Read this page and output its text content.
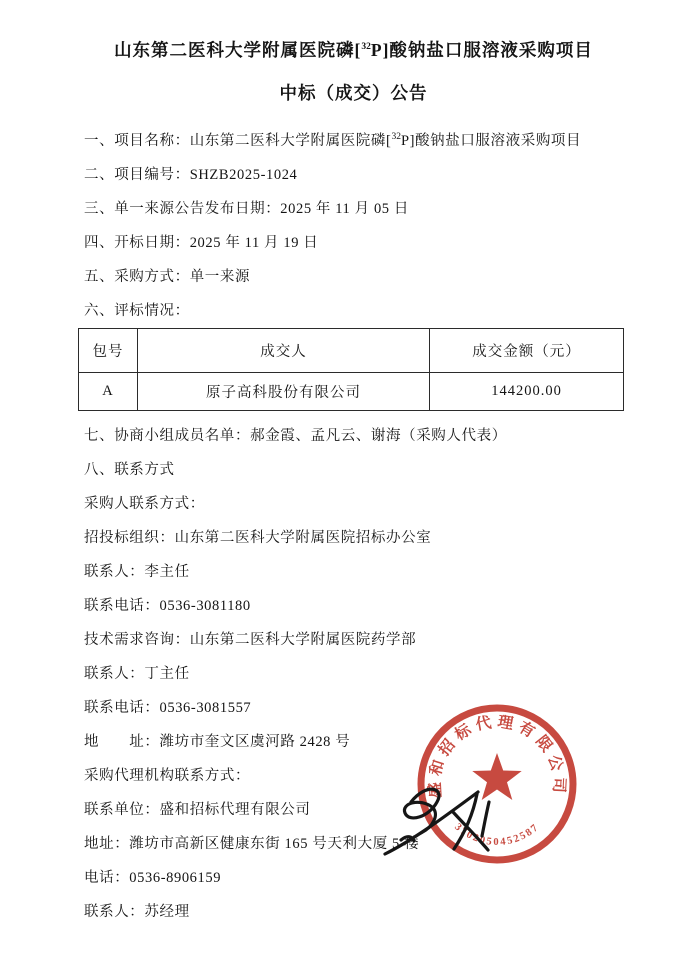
山东第二医科大学附属医院磷[$^{32}$P]酸钠盐口服溶液采购项目

中标（成交）公告

一、项目名称：山东第二医科大学附属医院磷[$^{32}$P]酸钠盐口服溶液采购项目

二、项目编号：SHZB2025-1024

三、单一来源公告发布日期：2025 年 11 月 05 日

四、开标日期：2025 年 11 月 19 日

五、采购方式：单一来源

六、评标情况：

包号	成交人	成交金额（元）
A	原子高科股份有限公司	144200.00

七、协商小组成员名单：郝金霞、孟凡云、谢海（采购人代表）

八、联系方式

采购人联系方式：

招投标组织：山东第二医科大学附属医院招标办公室

联系人：李主任

联系电话：0536-3081180

技术需求咨询：山东第二医科大学附属医院药学部

联系人：丁主任

联系电话：0536-3081557

地　　址：潍坊市奎文区虞河路 2428 号

采购代理机构联系方式：

联系单位：盛和招标代理有限公司

地址：潍坊市高新区健康东街 165 号天利大厦 5 楼

电话：0536-8906159

联系人：苏经理

盛和招标代理有限公司
3702050452587
